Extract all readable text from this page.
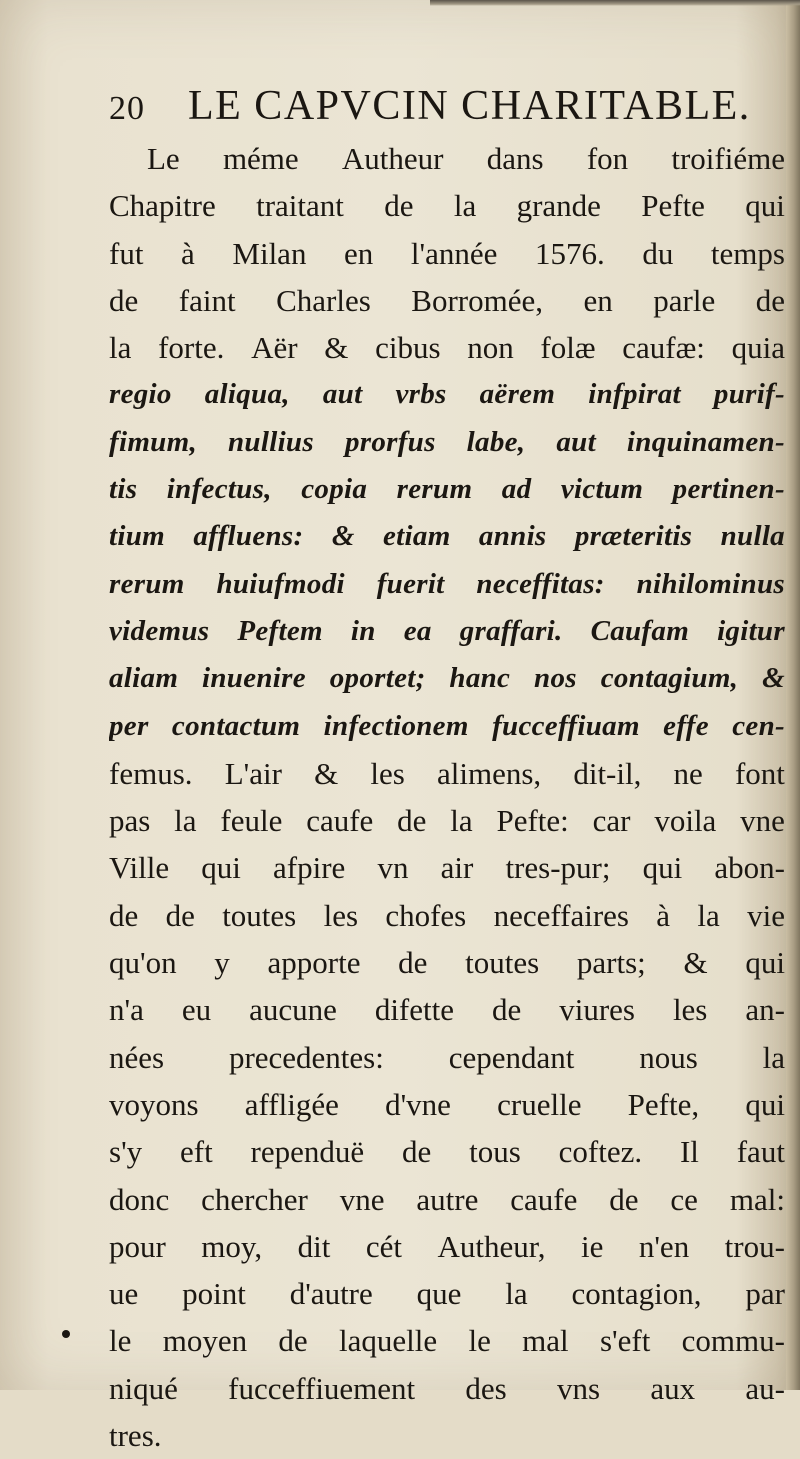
20 LE CAPVCIN CHARITABLE.
Le méme Autheur dans fon troifiéme
Chapitre traitant de la grande Pefte qui
fut à Milan en l'année 1576. du temps
de faint Charles Borromée, en parle de
la forte. Aër & cibus non folæ caufæ: quia
regio aliqua, aut vrbs aërem infpirat purif-
fimum, nullius prorfus labe, aut inquinamen-
tis infectus, copia rerum ad victum pertinen-
tium affluens: & etiam annis præteritis nulla
rerum huiufmodi fuerit neceffitas: nihilominus
videmus Peftem in ea graffari. Caufam igitur
aliam inuenire oportet; hanc nos contagium, &
per contactum infectionem fucceffiuam effe cen-
femus. L'air & les alimens, dit-il, ne font
pas la feule caufe de la Pefte: car voila vne
Ville qui afpire vn air tres-pur; qui abon-
de de toutes les chofes neceffaires à la vie
qu'on y apporte de toutes parts; & qui
n'a eu aucune difette de viures les an-
nées precedentes: cependant nous la
voyons affligée d'vne cruelle Pefte, qui
s'y eft rependuë de tous coftez. Il faut
donc chercher vne autre caufe de ce mal:
pour moy, dit cét Autheur, ie n'en trou-
ue point d'autre que la contagion, par
le moyen de laquelle le mal s'eft commu-
niqué fucceffiuement des vns aux au-
tres.
